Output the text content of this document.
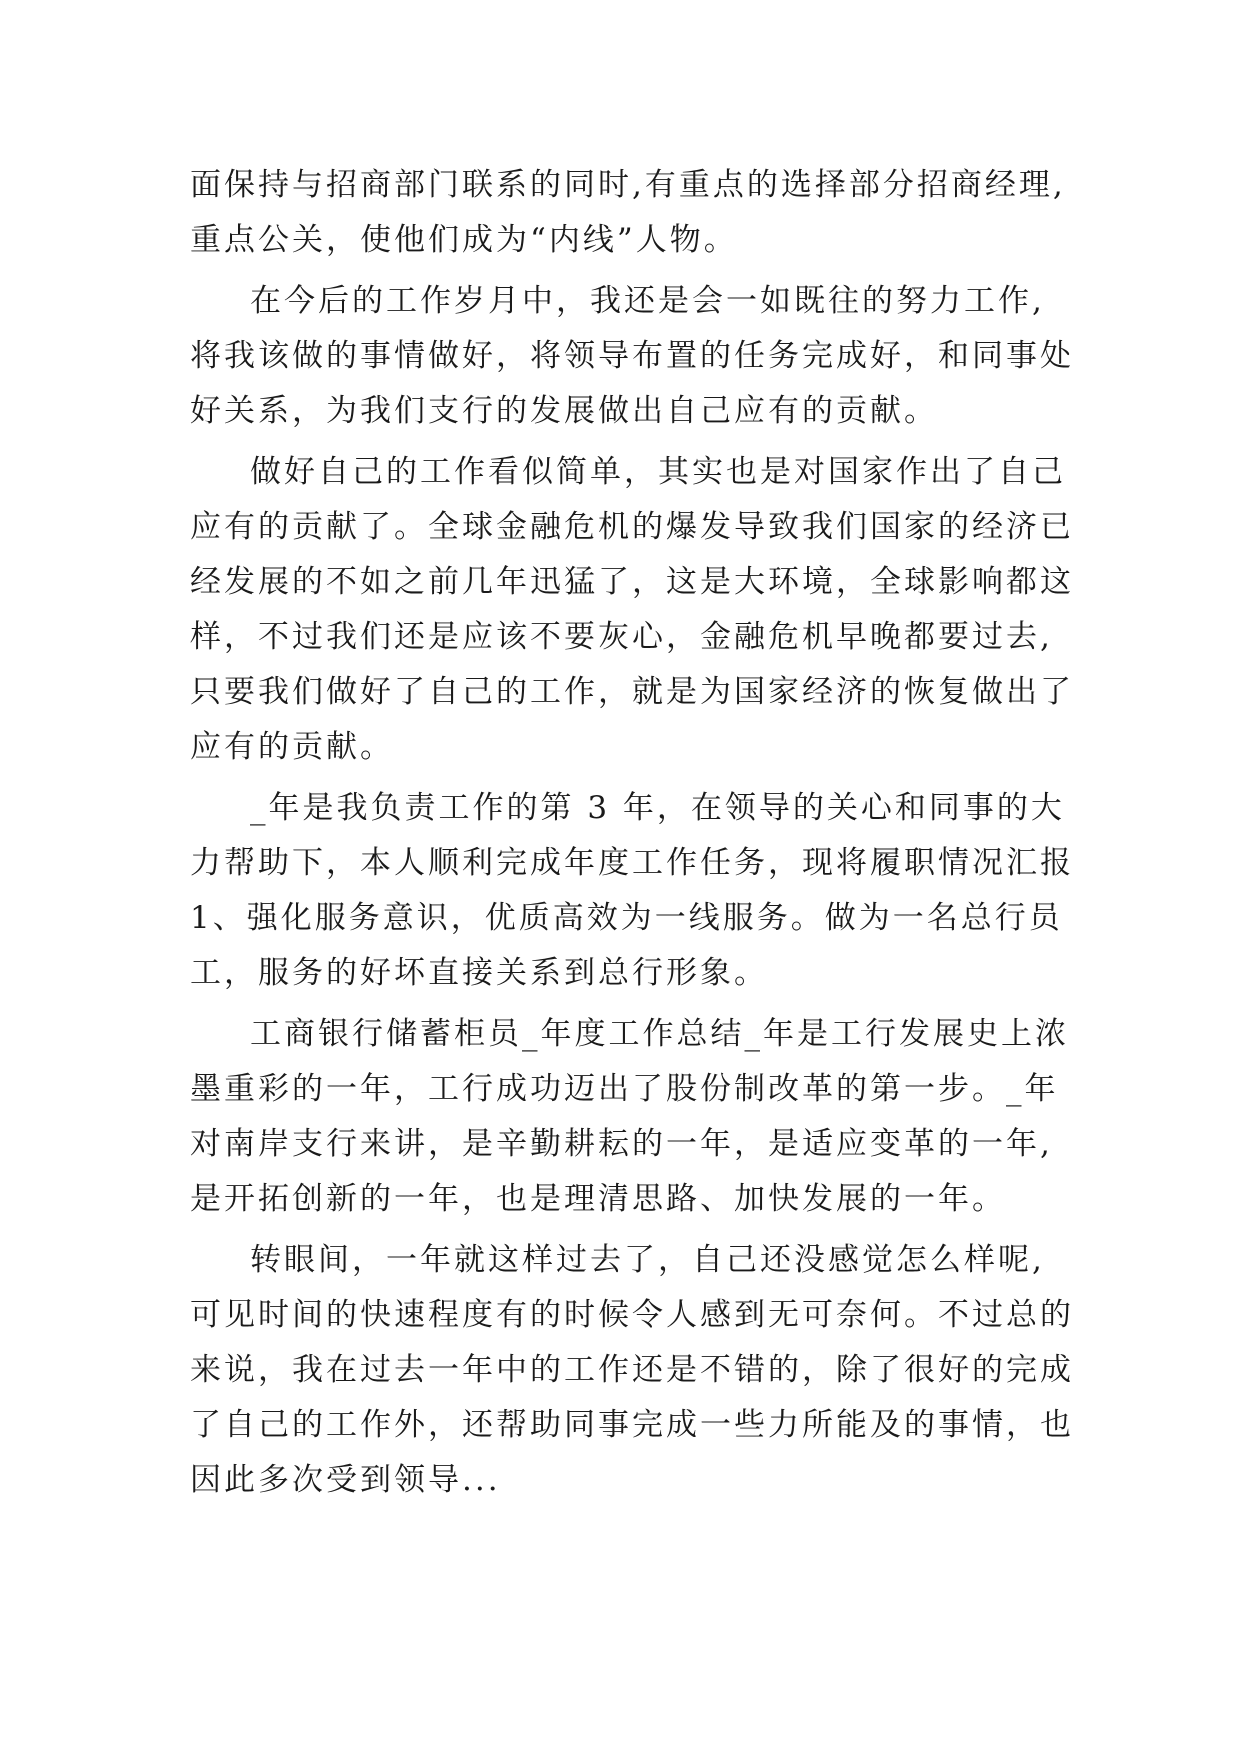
面保持与招商部门联系的同时,有重点的选择部分招商经理,
重点公关，使他们成为“内线”人物。
在今后的工作岁月中，我还是会一如既往的努力工作,
将我该做的事情做好，将领导布置的任务完成好，和同事处
好关系，为我们支行的发展做出自己应有的贡献。
做好自己的工作看似简单，其实也是对国家作出了自己
应有的贡献了。全球金融危机的爆发导致我们国家的经济已
经发展的不如之前几年迅猛了，这是大环境，全球影响都这
样，不过我们还是应该不要灰心，金融危机早晚都要过去,
只要我们做好了自己的工作，就是为国家经济的恢复做出了
应有的贡献。
_年是我负责工作的第 3 年，在领导的关心和同事的大
力帮助下，本人顺利完成年度工作任务，现将履职情况汇报
1、强化服务意识，优质高效为一线服务。做为一名总行员
工，服务的好坏直接关系到总行形象。
工商银行储蓄柜员_年度工作总结_年是工行发展史上浓
墨重彩的一年，工行成功迈出了股份制改革的第一步。_年
对南岸支行来讲，是辛勤耕耘的一年，是适应变革的一年,
是开拓创新的一年，也是理清思路、加快发展的一年。
转眼间，一年就这样过去了，自己还没感觉怎么样呢,
可见时间的快速程度有的时候令人感到无可奈何。不过总的
来说，我在过去一年中的工作还是不错的，除了很好的完成
了自己的工作外，还帮助同事完成一些力所能及的事情，也
因此多次受到领导...
